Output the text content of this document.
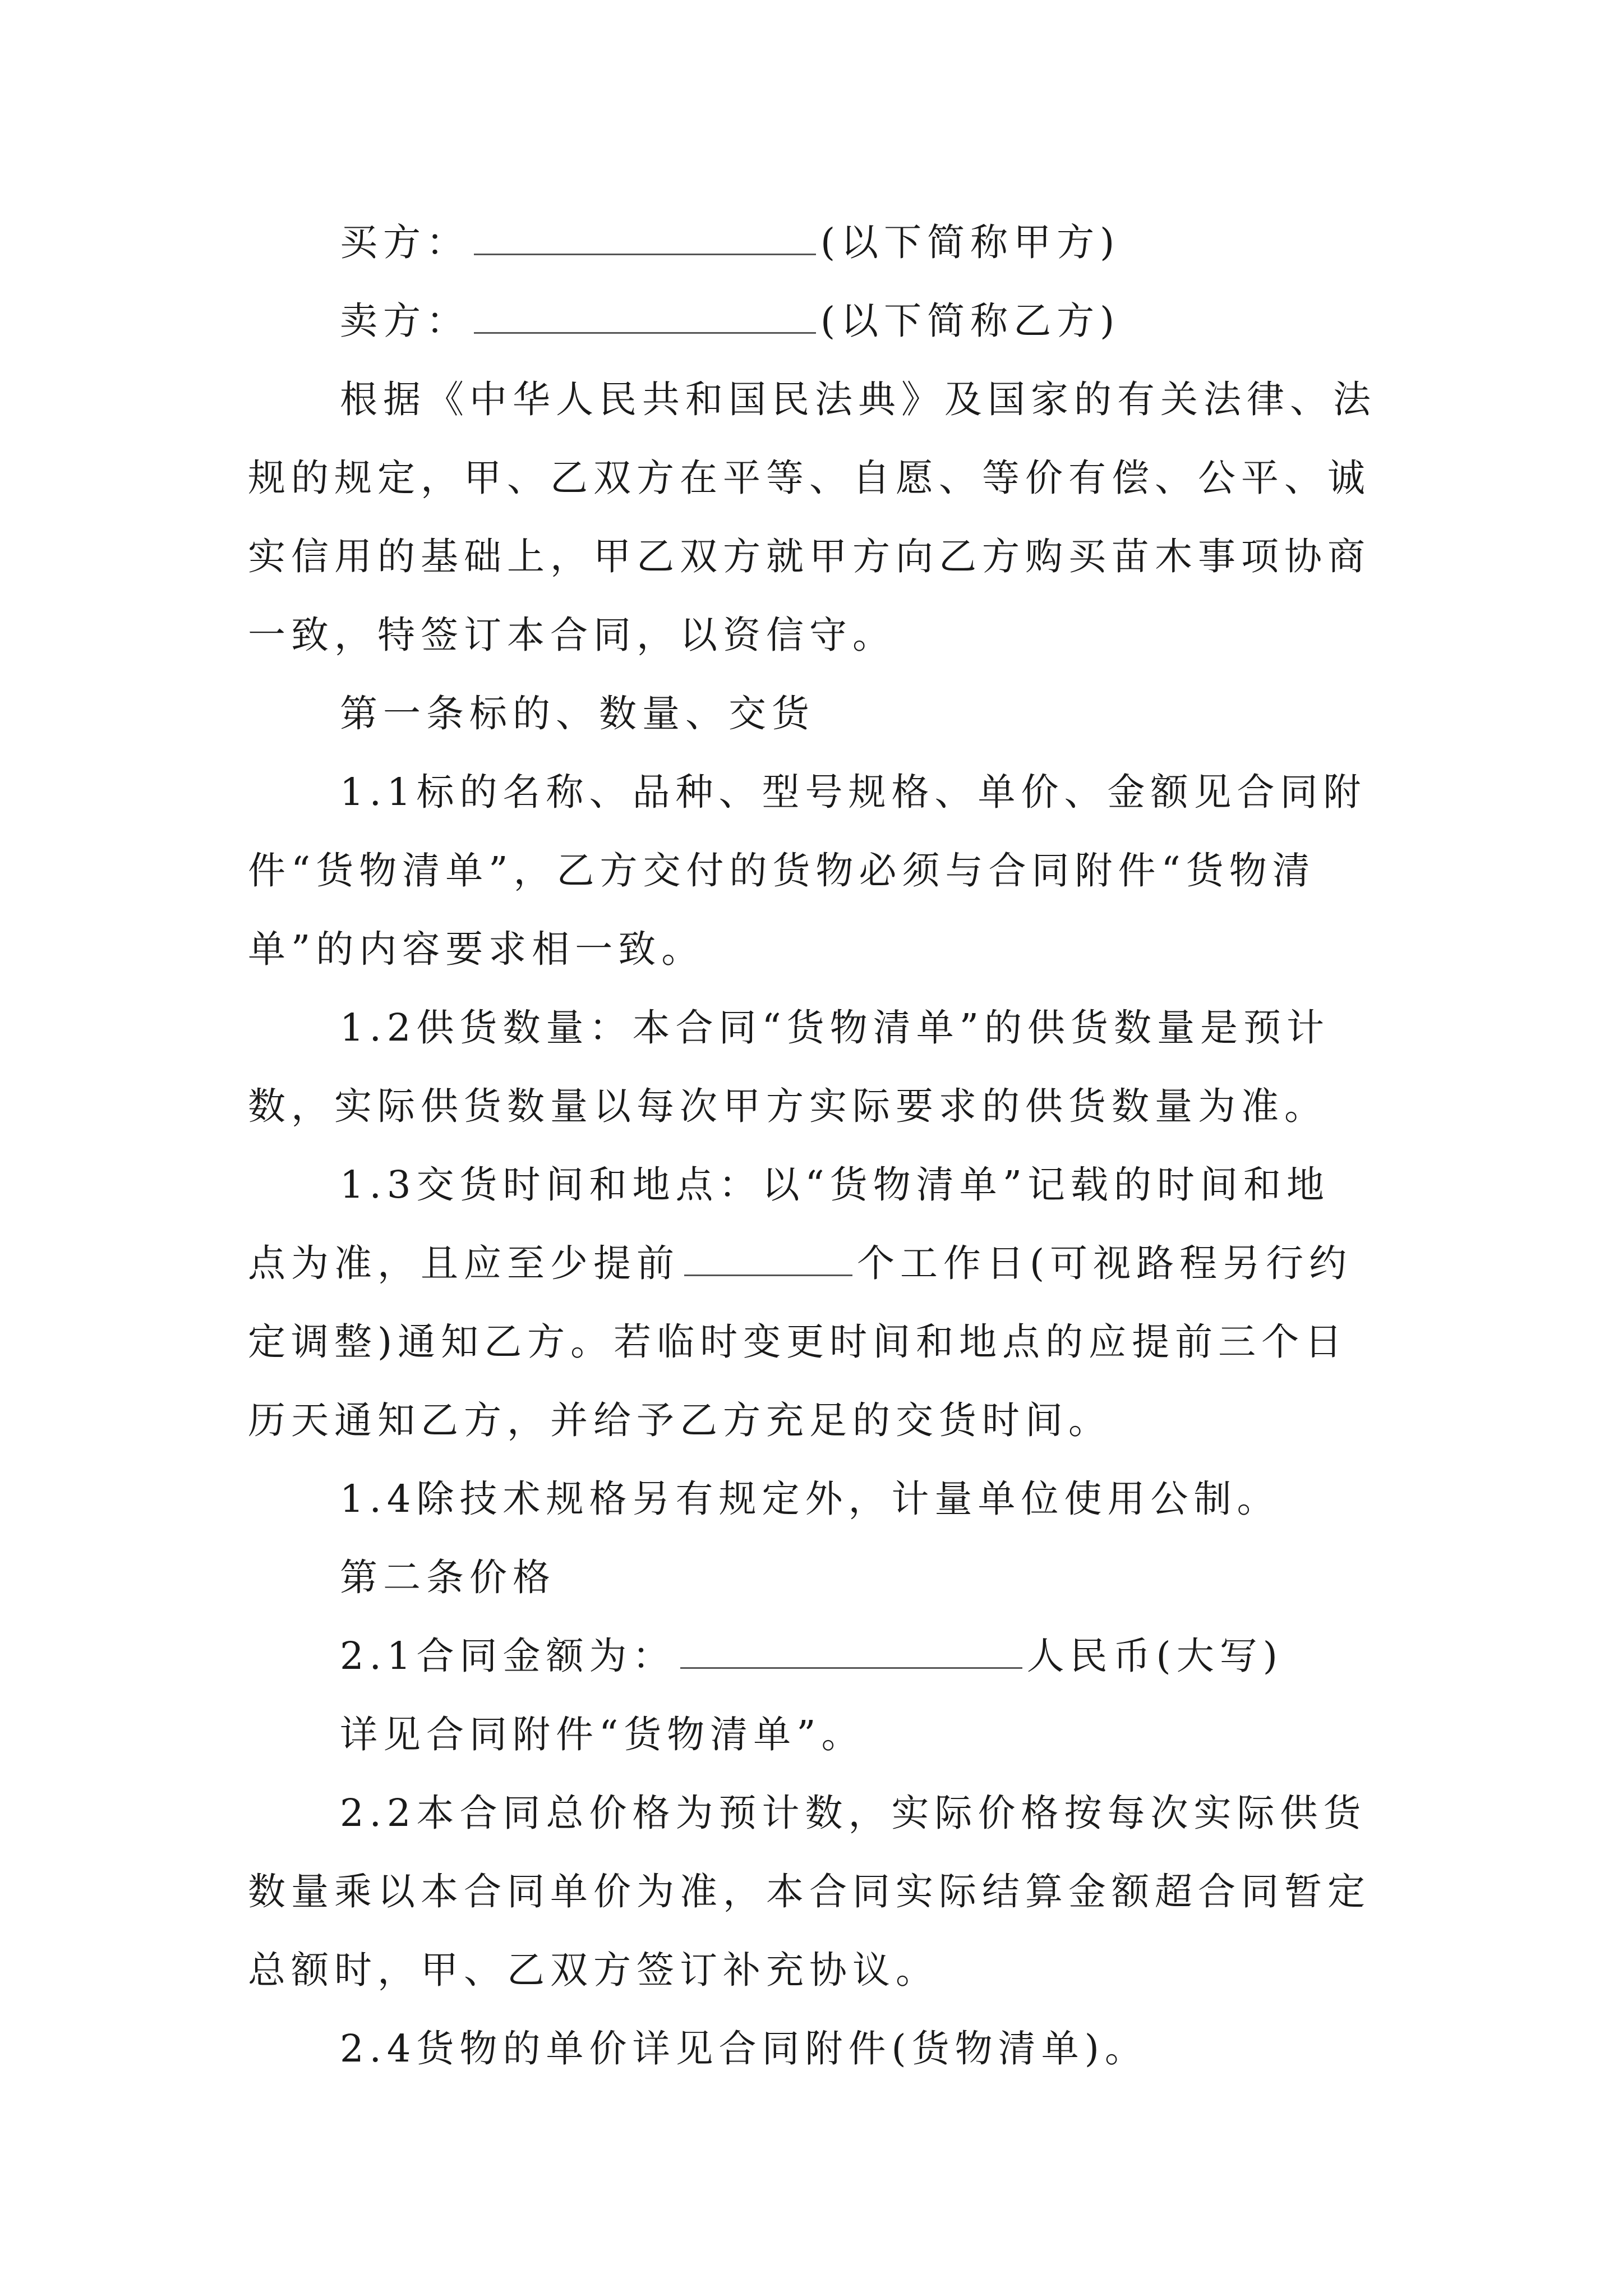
买方：	(以下简称甲方)
卖方：	(以下简称乙方)
根据《中华人民共和国民法典》及国家的有关法律、法
规的规定，甲、乙双方在平等、自愿、等价有偿、公平、诚
实信用的基础上，甲乙双方就甲方向乙方购买苗木事项协商
一致，特签订本合同，以资信守。
第一条标的、数量、交货
1.1标的名称、品种、型号规格、单价、金额见合同附
件“货物清单”，乙方交付的货物必须与合同附件“货物清
单”的内容要求相一致。
1.2供货数量：本合同“货物清单”的供货数量是预计
数，实际供货数量以每次甲方实际要求的供货数量为准。
1.3交货时间和地点：以“货物清单”记载的时间和地
点为准，且应至少提前	个工作日(可视路程另行约
定调整)通知乙方。若临时变更时间和地点的应提前三个日
历天通知乙方，并给予乙方充足的交货时间。
1.4除技术规格另有规定外，计量单位使用公制。
第二条价格
2.1合同金额为：	人民币(大写)
详见合同附件“货物清单”。
2.2本合同总价格为预计数，实际价格按每次实际供货
数量乘以本合同单价为准，本合同实际结算金额超合同暂定
总额时，甲、乙双方签订补充协议。
2.4货物的单价详见合同附件(货物清单)。
